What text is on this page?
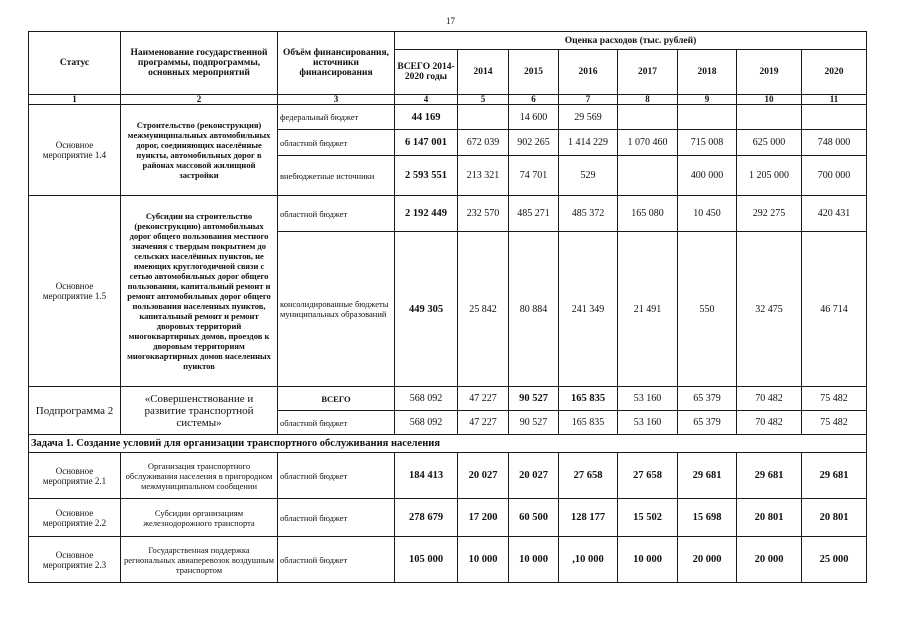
17
Статус	Наименование государственной программы, подпрограммы, основных мероприятий	Объём финансирования, источники финансирования	Оценка расходов (тыс. рублей)							
			ВСЕГО 2014-2020 годы	2014	2015	2016	2017	2018	2019	2020
1	2	3	4	5	6	7	8	9	10	11
Основное мероприятие 1.4	Строительство (реконструкция) межмуниципальных автомобильных дорог, соединяющих населённые пункты, автомобильных дорог в районах массовой жилищной застройки	федеральный бюджет	44 169		14 600	29 569				
		областной бюджет	6 147 001	672 039	902 265	1 414 229	1 070 460	715 008	625 000	748 000
		внебюджетные источники	2 593 551	213 321	74 701	529		400 000	1 205 000	700 000
Основное мероприятие 1.5	Субсидии на строительство (реконструкцию) автомобильных дорог общего пользования местного значения с твердым покрытием до сельских населённых пунктов, не имеющих круглогодичной связи с сетью автомобильных дорог общего пользования, капитальный ремонт и ремонт автомобильных дорог общего пользования населенных пунктов, капитальный ремонт и ремонт дворовых территорий многоквартирных домов, проездов к дворовым территориям многоквартирных домов населенных пунктов	областной бюджет	2 192 449	232 570	485 271	485 372	165 080	10 450	292 275	420 431
		консолидированные бюджеты муниципальных образований	449 305	25 842	80 884	241 349	21 491	550	32 475	46 714
Подпрограмма 2	«Совершенствование и развитие транспортной системы»	ВСЕГО	568 092	47 227	90 527	165 835	53 160	65 379	70 482	75 482
		областной бюджет	568 092	47 227	90 527	165 835	53 160	65 379	70 482	75 482
Задача 1. Создание условий для организации транспортного обслуживания населения										
Основное мероприятие 2.1	Организация транспортного обслуживания населения в пригородном межмуниципальном сообщении	областной бюджет	184 413	20 027	20 027	27 658	27 658	29 681	29 681	29 681
Основное мероприятие 2.2	Субсидии организациям железнодорожного транспорта	областной бюджет	278 679	17 200	60 500	128 177	15 502	15 698	20 801	20 801
Основное мероприятие 2.3	Государственная поддержка региональных авиаперевозок воздушным транспортом	областной бюджет	105 000	10 000	10 000	,10 000	10 000	20 000	20 000	25 000
